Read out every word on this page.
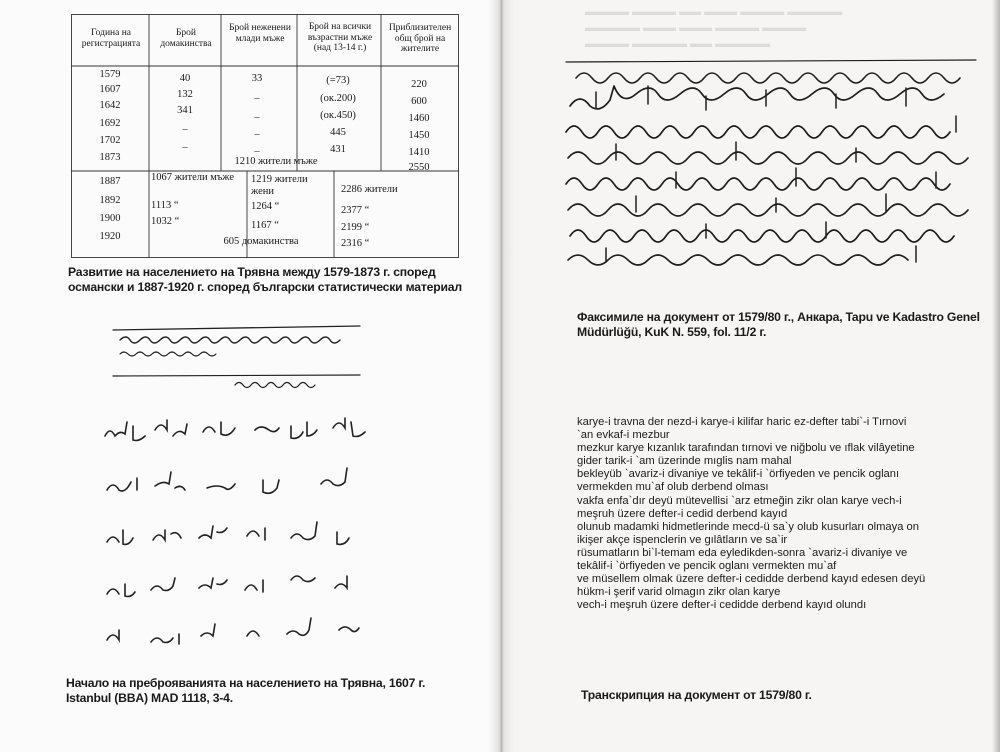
Година на регистрацията
Брой домакинства
Брой неженени млади мъже
Брой на всички възрастни мъже (над 13-14 г.)
Приблизителен общ брой на жителите
1579
1607
1642
1692
1702
1873
40
132
341
–
–
33
–
–
–
–
(=73)
(ок.200)
(ок.450)
445
431
220
600
1460
1450
1410
2550
1210 жители мъже
1887
1892
1900
1920
1067 жители мъже
1113 “
1032 “
1219 жители жени
1264 “
1167 “
2286 жители
2377 “
2199 “
2316 “
605 домакинства
Развитие на населението на Трявна между 1579-1873 г. според
османски и 1887-1920 г. според български статистически материал
Начало на преброяванията на населението на Трявна, 1607 г.
Istanbul (BBA) MAD 1118, 3-4.
▬▬▬▬ ▬▬▬▬ ▬▬ ▬▬▬ ▬▬▬▬ ▬▬▬▬▬
▬▬▬▬▬ ▬▬▬ ▬▬▬ ▬▬▬▬ ▬▬▬▬
▬▬▬▬ ▬▬▬▬▬ ▬▬ ▬▬▬▬▬
Факсимиле на документ от 1579/80 г., Анкара, Tapu ve Kadastro Genel
Müdürlüğü, KuK N. 559, fol. 11/2 г.
karye-i travna der nezd-i karye-i kilifar haric ez-defter tabi`-i Tırnovi
`an evkaf-i mezbur
mezkur karye kızanlık tarafından tırnovi ve niğbolu ve ıflak vilâyetine
gider tarik-i `am üzerinde mıglis nam mahal
bekleyüb `avariz-i divaniye ve tekâlif-i `örfiyeden ve pencik oglanı
vermekden mu`af olub derbend olması
vakfa enfa`dır deyü mütevellisi `arz etmeğin zikr olan karye vech-i
meşruh üzere defter-i cedid derbend kayıd
olunub madamki hidmetlerinde mecd-ü sa`y olub kusurları olmaya on
ikişer akçe ispenclerin ve gılâtların ve sa`ir
rüsumatların bi`l-temam eda eyledikden-sonra `avariz-i divaniye ve
tekâlif-i `örfiyeden ve pencik oglanı vermekten mu`af
ve müsellem olmak üzere defter-i cedidde derbend kayıd edesen deyü
hükm-i şerif varid olmagın zikr olan karye
vech-i meşruh üzere defter-i cedidde derbend kayıd olundı
Транскрипция на документ от 1579/80 г.
